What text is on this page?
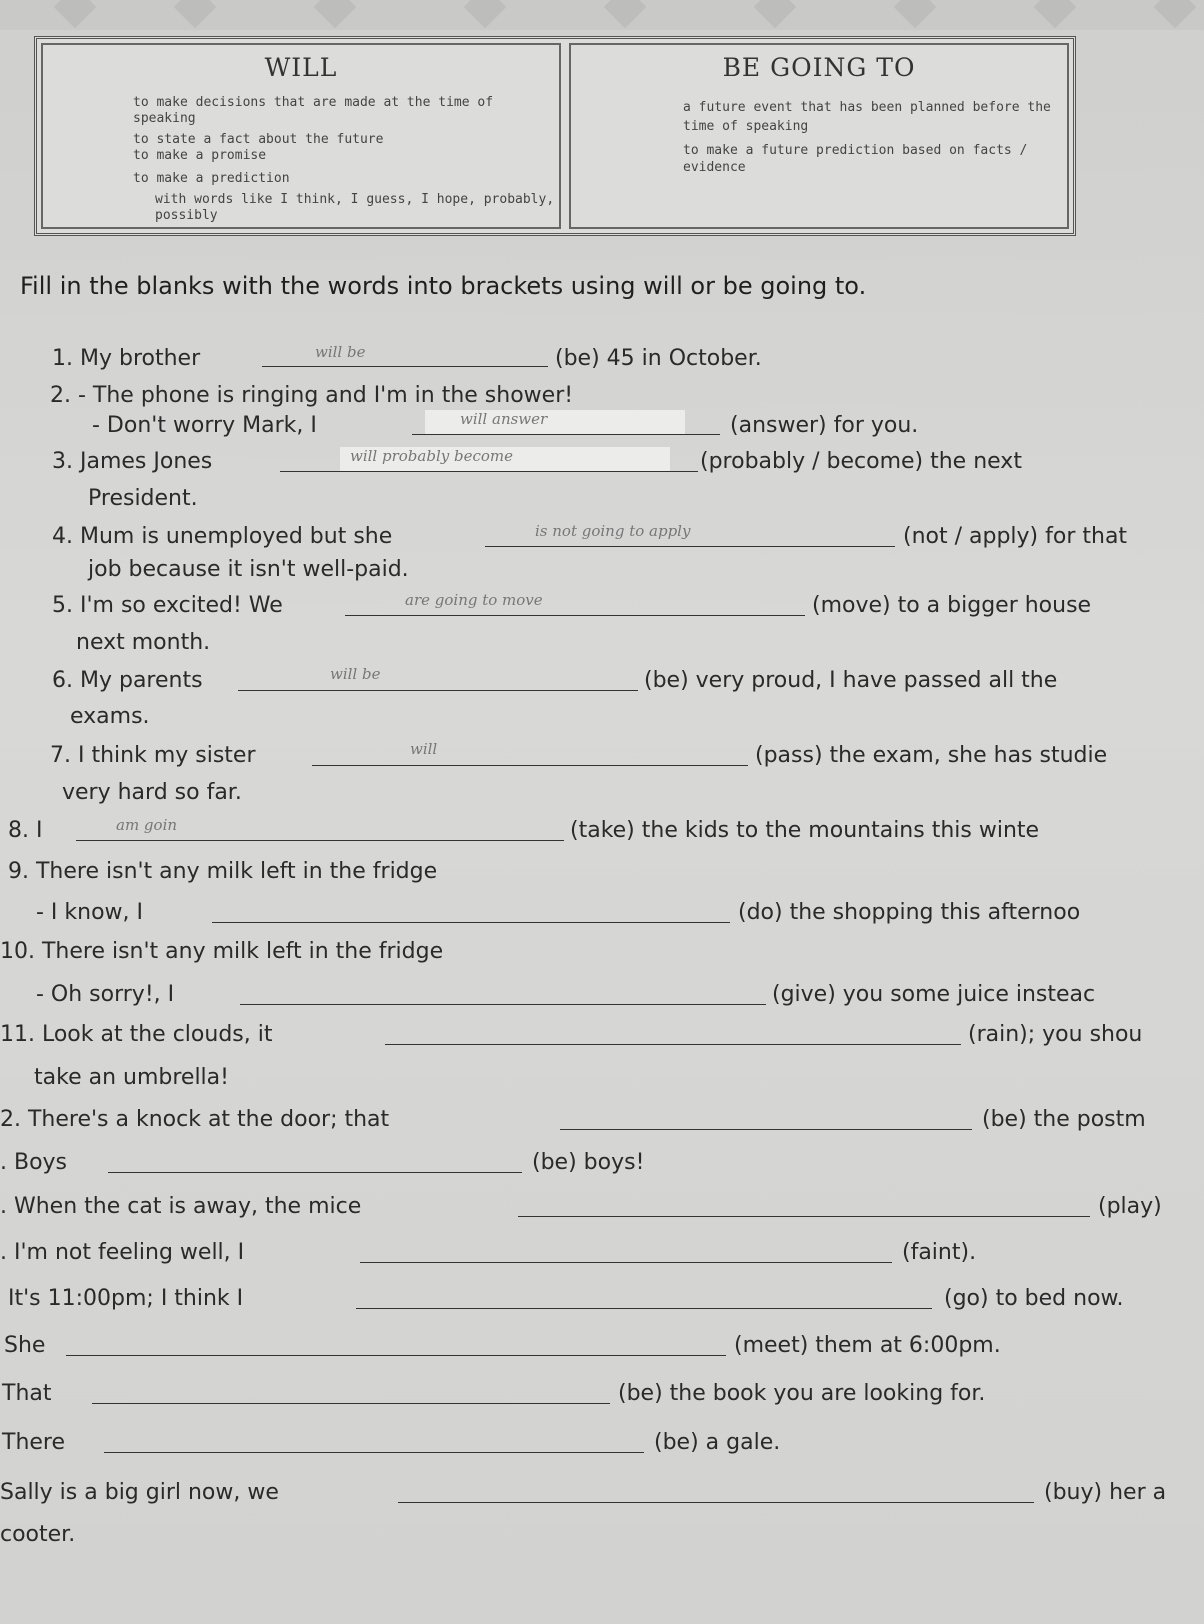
WILL
to make decisions that are made at the time of
speaking
to state a fact about the future
to make a promise
to make a prediction
with words like I think, I guess, I hope, probably,
possibly
BE GOING TO
a future event that has been planned before the
time of speaking
to make a future prediction based on facts /
evidence
Fill in the blanks with the words into brackets using will or be going to.
1. My brother	will be	(be) 45 in October.
2. - The phone is ringing and I'm in the shower!
- Don't worry Mark, I	will answer	(answer) for you.
3. James Jones	will probably become	(probably / become) the next
President.
4. Mum is unemployed but she	is not going to apply	(not / apply) for that
job because it isn't well-paid.
5. I'm so excited! We	are going to move	(move) to a bigger house
next month.
6. My parents	will be	(be) very proud, I have passed all the
exams.
7. I think my sister	will	(pass) the exam, she has studie
very hard so far.
8. I	am goin	(take) the kids to the mountains this winte
9. There isn't any milk left in the fridge
- I know, I	(do) the shopping this afternoo
10. There isn't any milk left in the fridge
- Oh sorry!, I	(give) you some juice insteac
11. Look at the clouds, it	(rain); you shou
take an umbrella!
2. There's a knock at the door; that	(be) the postm
. Boys	(be) boys!
. When the cat is away, the mice	(play)
. I'm not feeling well, I	(faint).
It's 11:00pm; I think I	(go) to bed now.
She	(meet) them at 6:00pm.
That	(be) the book you are looking for.
There	(be) a gale.
Sally is a big girl now, we	(buy) her a
cooter.
